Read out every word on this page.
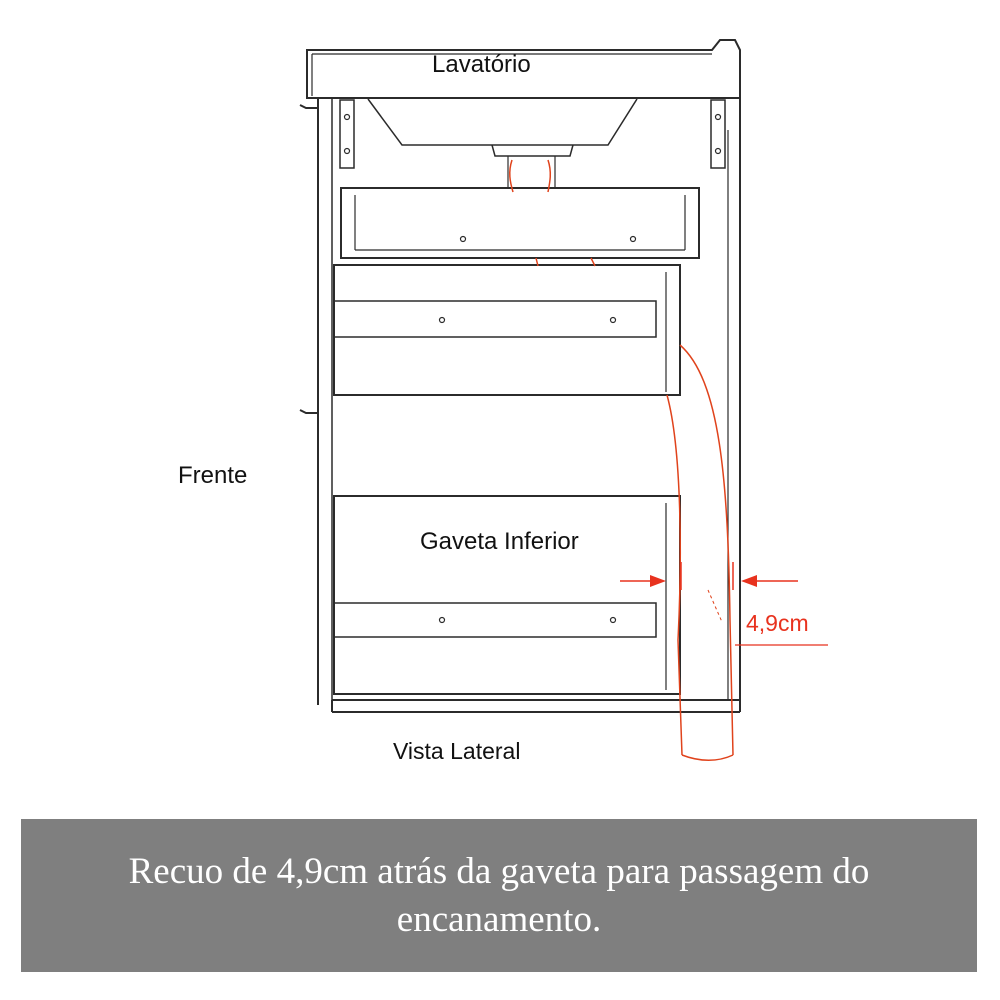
Lavatório
Frente
Gaveta Inferior
Vista Lateral
4,9cm
Recuo de 4,9cm atrás da gaveta para passagem do encanamento.
